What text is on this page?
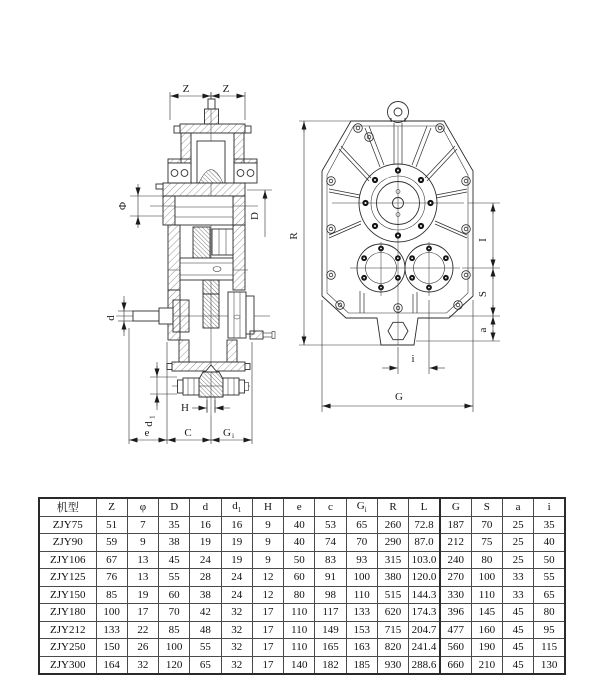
Z	Z
Φ
D
d
d
1
H
e	C	G i
R
I
S
a
i
G
机型	Z	φ	D	d	$d_1$	H	e	c	$G_i$	R	L	G	S	a	i
ZJY75	51	7	35	16	16	9	40	53	65	260	72.8	187	70	25	35
ZJY90	59	9	38	19	19	9	40	74	70	290	87.0	212	75	25	40
ZJY106	67	13	45	24	19	9	50	83	93	315	103.0	240	80	25	50
ZJY125	76	13	55	28	24	12	60	91	100	380	120.0	270	100	33	55
ZJY150	85	19	60	38	24	12	80	98	110	515	144.3	330	110	33	65
ZJY180	100	17	70	42	32	17	110	117	133	620	174.3	396	145	45	80
ZJY212	133	22	85	48	32	17	110	149	153	715	204.7	477	160	45	95
ZJY250	150	26	100	55	32	17	110	165	163	820	241.4	560	190	45	115
ZJY300	164	32	120	65	32	17	140	182	185	930	288.6	660	210	45	130
